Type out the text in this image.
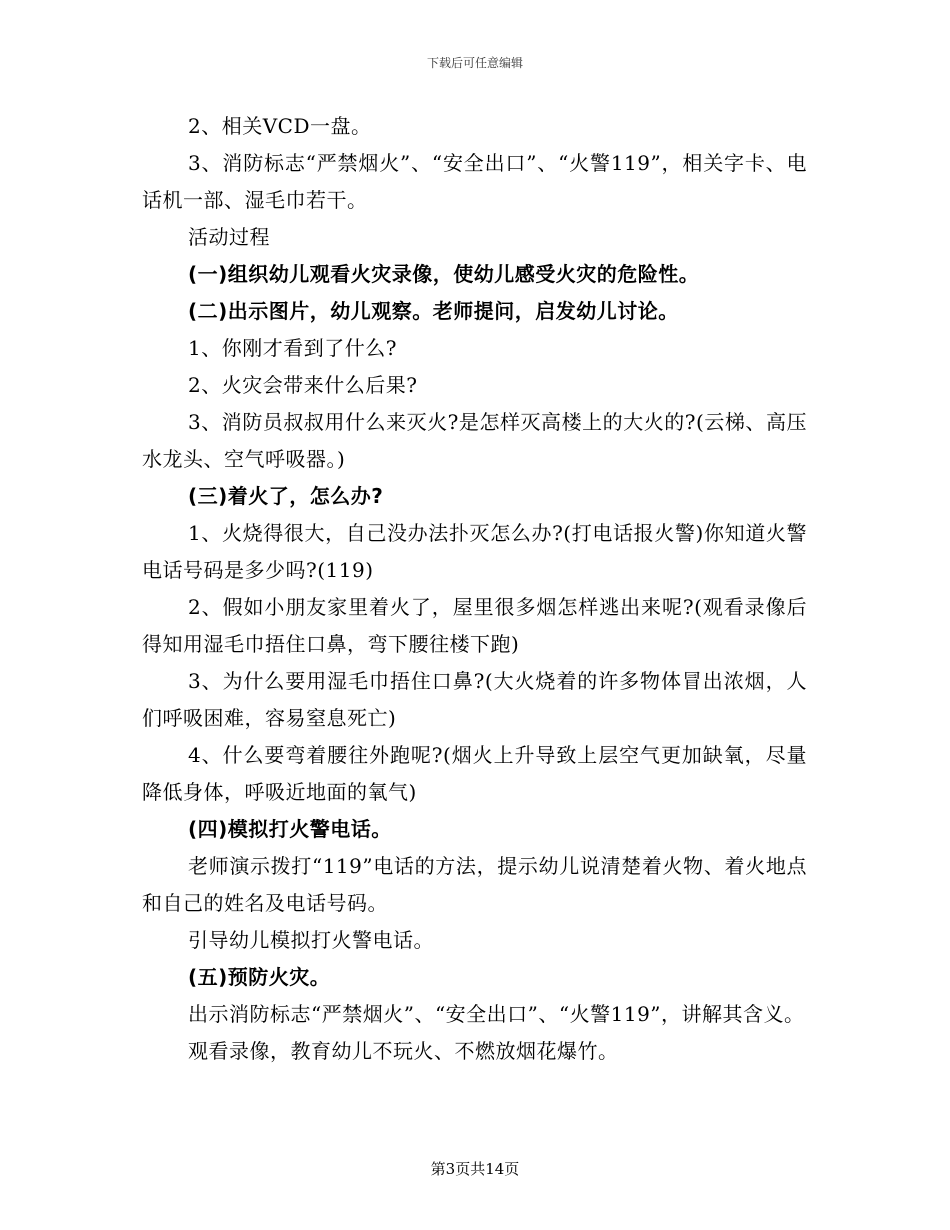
下载后可任意编辑

2、相关VCD一盘。

3、消防标志“严禁烟火”、“安全出口”、“火警119”，相关字卡、电话机一部、湿毛巾若干。

活动过程

(一)组织幼儿观看火灾录像，使幼儿感受火灾的危险性。

(二)出示图片，幼儿观察。老师提问，启发幼儿讨论。

1、你刚才看到了什么?

2、火灾会带来什么后果?

3、消防员叔叔用什么来灭火?是怎样灭高楼上的大火的?(云梯、高压水龙头、空气呼吸器。)

(三)着火了，怎么办?

1、火烧得很大，自己没办法扑灭怎么办?(打电话报火警)你知道火警电话号码是多少吗?(119)

2、假如小朋友家里着火了，屋里很多烟怎样逃出来呢?(观看录像后得知用湿毛巾捂住口鼻，弯下腰往楼下跑)

3、为什么要用湿毛巾捂住口鼻?(大火烧着的许多物体冒出浓烟，人们呼吸困难，容易窒息死亡)

4、什么要弯着腰往外跑呢?(烟火上升导致上层空气更加缺氧，尽量降低身体，呼吸近地面的氧气)

(四)模拟打火警电话。

老师演示拨打“119”电话的方法，提示幼儿说清楚着火物、着火地点和自己的姓名及电话号码。

引导幼儿模拟打火警电话。

(五)预防火灾。

出示消防标志“严禁烟火”、“安全出口”、“火警119”，讲解其含义。

观看录像，教育幼儿不玩火、不燃放烟花爆竹。

第3页共14页
